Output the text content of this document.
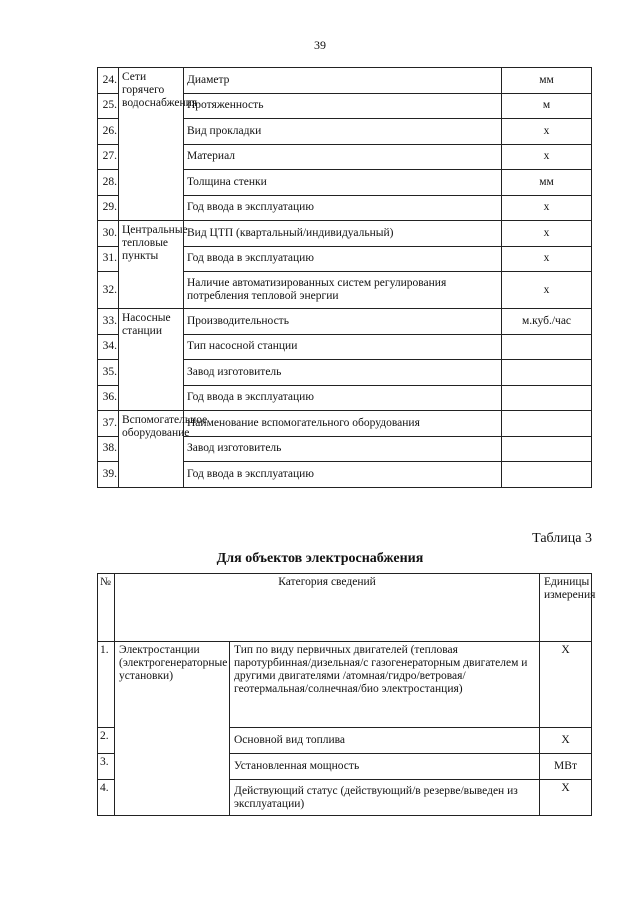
39
24.	Сети горячего водоснабжения	Диаметр	мм
25.		Протяженность	м
26.		Вид прокладки	х
27.		Материал	х
28.		Толщина стенки	мм
29.		Год ввода в эксплуатацию	х
30.	Центральные тепловые пункты	Вид ЦТП (квартальный/индивидуальный)	х
31.		Год ввода в эксплуатацию	х
32.		Наличие автоматизированных систем регулирования потребления тепловой энергии	х
33.	Насосные станции	Производительность	м.куб./час
34.		Тип насосной станции	
35.		Завод изготовитель	
36.		Год ввода в эксплуатацию	
37.	Вспомогательное оборудование	Наименование вспомогательного оборудования	
38.		Завод изготовитель	
39.		Год ввода в эксплуатацию	
Таблица 3
Для объектов электроснабжения
№	Категория сведений		Единицы измерения
1.	Электростанции (электрогенераторные установки)	Тип по виду первичных двигателей (тепловая паротурбинная/дизельная/с газогенераторным двигателем и другими двигателями /атомная/гидро/ветровая/геотермальная/солнечная/био электростанция)	Х
2.		Основной вид топлива	Х
3.		Установленная мощность	МВт
4.		Действующий статус (действующий/в резерве/выведен из эксплуатации)	Х
